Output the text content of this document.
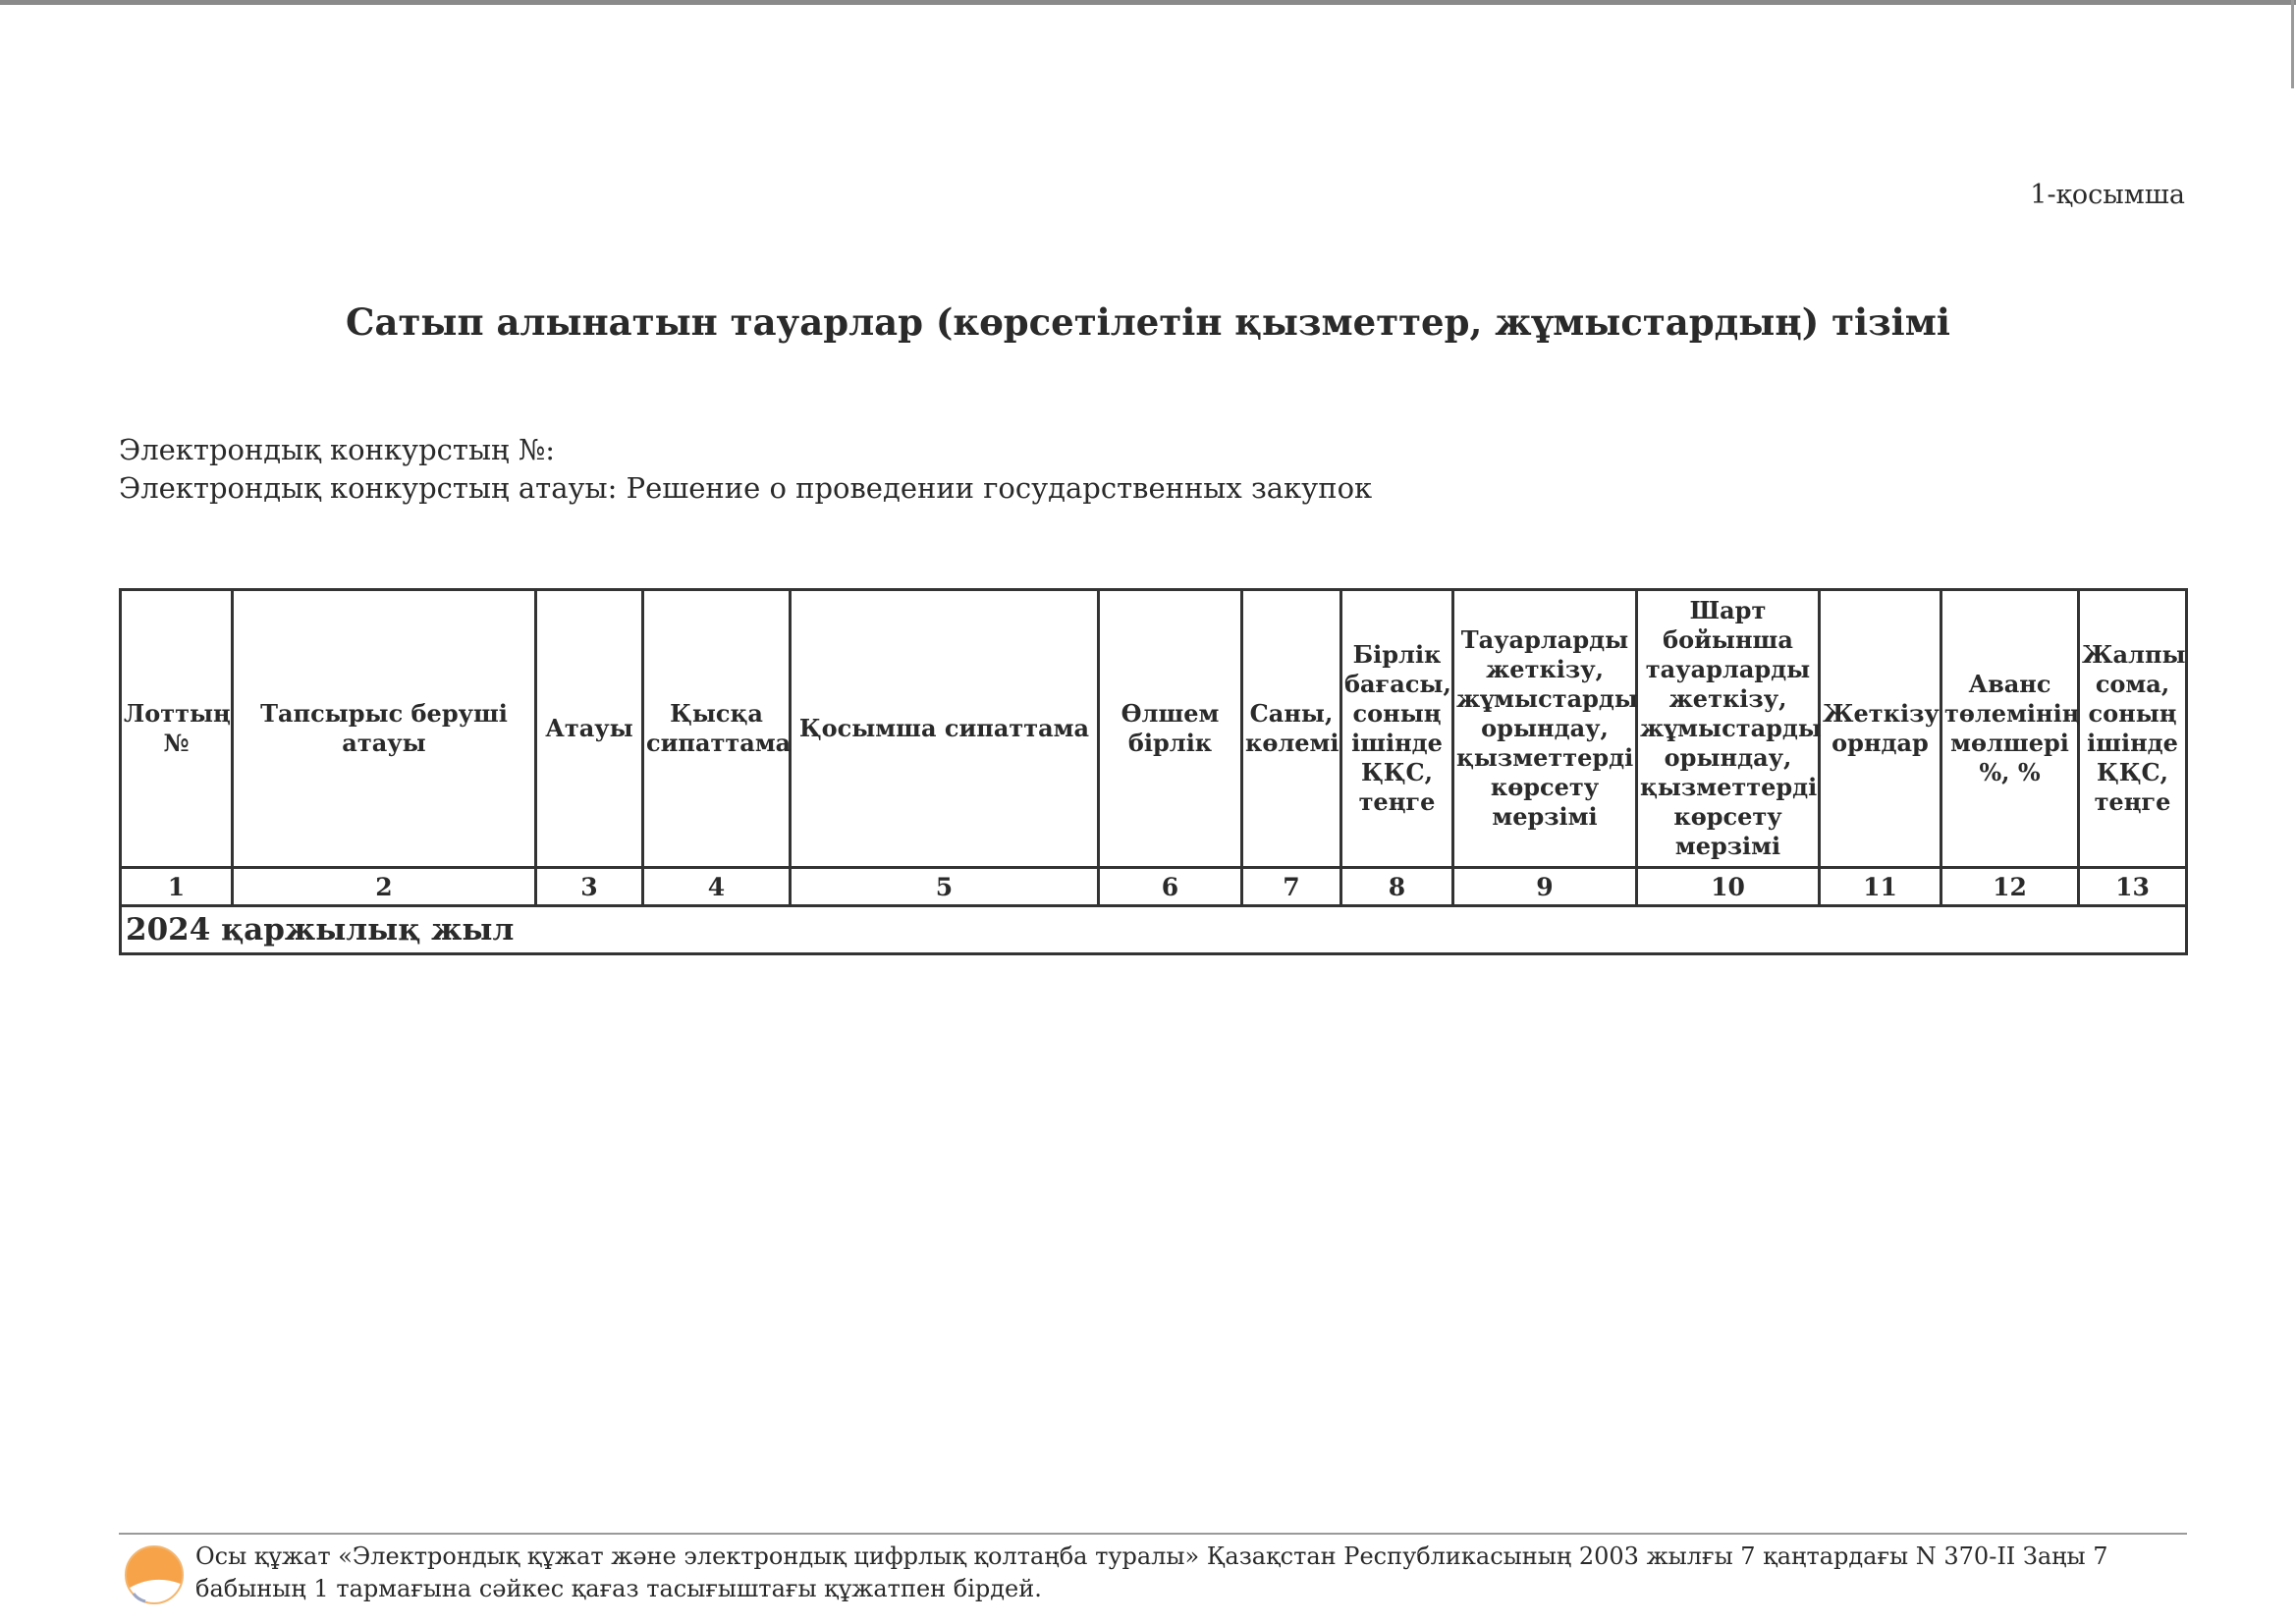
1-қосымша
Сатып алынатын тауарлар (көрсетілетін қызметтер, жұмыстардың) тізімі
Электрондық конкурстың №:
Электрондық конкурстың атауы: Решение о проведении государственных закупок
Лоттың №	Тапсырыс беруші атауы	Атауы	Қысқа сипаттама	Қосымша сипаттама	Өлшем бірлік	Саны, көлемі	Бірлік бағасы, соның ішінде ҚҚС, теңге	Тауарларды жеткізу, жұмыстарды орындау, қызметтерді көрсету мерзімі	Шарт бойынша тауарларды жеткізу, жұмыстарды орындау, қызметтерді көрсету мерзімі	Жеткізу орндар	Аванс төлемінің мөлшері %, %	Жалпы сома, соның ішінде ҚҚС, теңге
1	2	3	4	5	6	7	8	9	10	11	12	13
2024 қаржылық жыл												
Осы құжат «Электрондық құжат және электрондық цифрлық қолтаңба туралы» Қазақстан Республикасының 2003 жылғы 7 қаңтардағы N 370-II Заңы 7 бабының 1 тармағына сәйкес қағаз тасығыштағы құжатпен бірдей.
